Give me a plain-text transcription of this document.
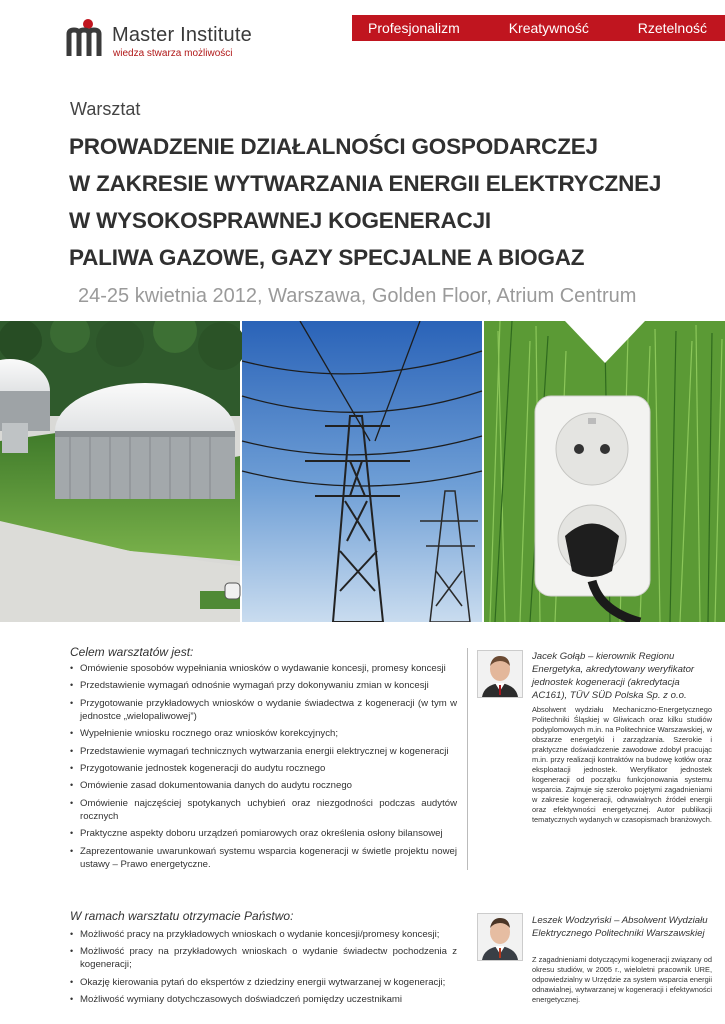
Master Institute
wiedza stwarza możliwości
Profesjonalizm	Kreatywność	Rzetelność
Warsztat
PROWADZENIE DZIAŁALNOŚCI GOSPODARCZEJ
W ZAKRESIE WYTWARZANIA ENERGII ELEKTRYCZNEJ
W WYSOKOSPRAWNEJ KOGENERACJI
PALIWA GAZOWE, GAZY SPECJALNE A BIOGAZ
24-25 kwietnia 2012, Warszawa, Golden Floor, Atrium Centrum
Celem warsztatów jest:
• Omówienie sposobów wypełniania wniosków o wydawanie koncesji, promesy koncesji
• Przedstawienie wymagań odnośnie wymagań przy dokonywaniu zmian w koncesji
• Przygotowanie przykładowych wniosków o wydanie świadectwa z kogeneracji (w tym w jednostce „wielopaliwowej”)
• Wypełnienie wniosku rocznego oraz wniosków korekcyjnych;
• Przedstawienie wymagań technicznych wytwarzania energii elektrycznej w kogeneracji
• Przygotowanie jednostek kogeneracji do audytu rocznego
• Omówienie zasad dokumentowania danych do audytu rocznego
• Omówienie najczęściej spotykanych uchybień oraz niezgodności podczas audytów rocznych
• Praktyczne aspekty doboru urządzeń pomiarowych oraz określenia osłony bilansowej
• Zaprezentowanie uwarunkowań systemu wsparcia kogeneracji w świetle projektu nowej ustawy – Prawo energetyczne.
W ramach warsztatu otrzymacie Państwo:
• Możliwość pracy na przykładowych wnioskach o wydanie koncesji/promesy koncesji;
• Możliwość pracy na przykładowych wnioskach o wydanie świadectw pochodzenia z kogeneracji;
• Okazję kierowania pytań do ekspertów z dziedziny energii wytwarzanej w kogeneracji;
• Możliwość wymiany dotychczasowych doświadczeń pomiędzy uczestnikami
Jacek Gołąb – kierownik Regionu Energetyka, akredytowany weryfikator jednostek kogeneracji (akredytacja AC161), TÜV SÜD Polska Sp. z o.o.
Absolwent wydziału Mechaniczno-Energetycznego Politechniki Śląskiej w Gliwicach oraz kilku studiów podyplomowych m.in. na Politechnice Warszawskiej, w obszarze energetyki i zarządzania. Szerokie i praktyczne doświadczenie zawodowe zdobył pracując m.in. przy realizacji kontraktów na budowę kotłów oraz eksploatacji jednostek. Weryfikator jednostek kogeneracji od początku funkcjonowania systemu wsparcia. Zajmuje się szeroko pojętymi zagadnieniami w zakresie kogeneracji, odnawialnych źródeł energii oraz efektywności energetycznej. Autor publikacji tematycznych wydanych w czasopismach branżowych.
Leszek Wodzyński – Absolwent Wydziału Elektrycznego Politechniki Warszawskiej
Z zagadnieniami dotyczącymi kogeneracji związany od okresu studiów, w 2005 r., wieloletni pracownik URE, odpowiedzialny w Urzędzie za system wsparcia energii odnawialnej, wytwarzanej w kogeneracji i efektywności energetycznej.
